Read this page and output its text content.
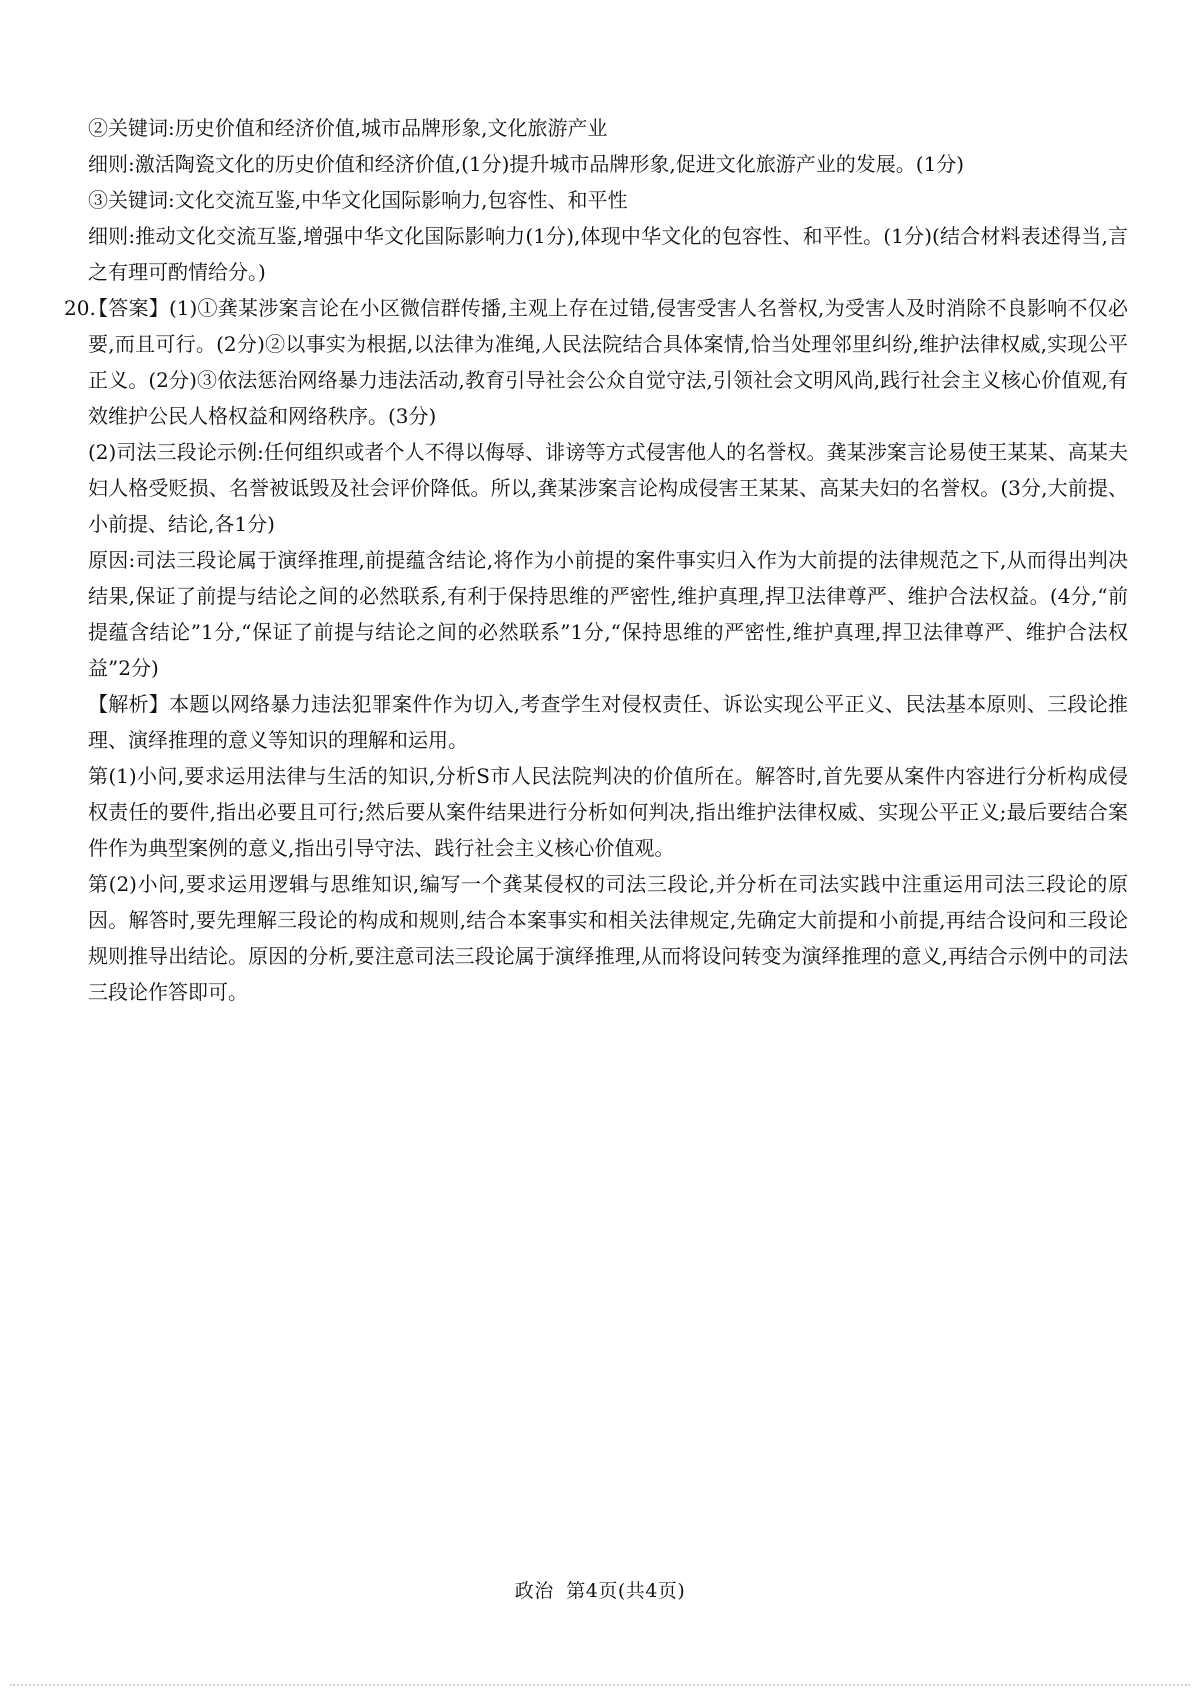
②关键词:历史价值和经济价值,城市品牌形象,文化旅游产业

细则:激活陶瓷文化的历史价值和经济价值,(1分)提升城市品牌形象,促进文化旅游产业的发展。(1分)

③关键词:文化交流互鉴,中华文化国际影响力,包容性、和平性

细则:推动文化交流互鉴,增强中华文化国际影响力(1分),体现中华文化的包容性、和平性。(1分)(结合材料表述得当,言之有理可酌情给分。)

20.

【答案】(1)①龚某涉案言论在小区微信群传播,主观上存在过错,侵害受害人名誉权,为受害人及时消除不良影响不仅必要,而且可行。(2分)②以事实为根据,以法律为准绳,人民法院结合具体案情,恰当处理邻里纠纷,维护法律权威,实现公平正义。(2分)③依法惩治网络暴力违法活动,教育引导社会公众自觉守法,引领社会文明风尚,践行社会主义核心价值观,有效维护公民人格权益和网络秩序。(3分)

(2)司法三段论示例:任何组织或者个人不得以侮辱、诽谤等方式侵害他人的名誉权。龚某涉案言论易使王某某、高某夫妇人格受贬损、名誉被诋毁及社会评价降低。所以,龚某涉案言论构成侵害王某某、高某夫妇的名誉权。(3分,大前提、小前提、结论,各1分)

原因:司法三段论属于演绎推理,前提蕴含结论,将作为小前提的案件事实归入作为大前提的法律规范之下,从而得出判决结果,保证了前提与结论之间的必然联系,有利于保持思维的严密性,维护真理,捍卫法律尊严、维护合法权益。(4分,“前提蕴含结论”1分,“保证了前提与结论之间的必然联系”1分,“保持思维的严密性,维护真理,捍卫法律尊严、维护合法权益”2分)

【解析】本题以网络暴力违法犯罪案件作为切入,考查学生对侵权责任、诉讼实现公平正义、民法基本原则、三段论推理、演绎推理的意义等知识的理解和运用。

第(1)小问,要求运用法律与生活的知识,分析S市人民法院判决的价值所在。解答时,首先要从案件内容进行分析构成侵权责任的要件,指出必要且可行;然后要从案件结果进行分析如何判决,指出维护法律权威、实现公平正义;最后要结合案件作为典型案例的意义,指出引导守法、践行社会主义核心价值观。

第(2)小问,要求运用逻辑与思维知识,编写一个龚某侵权的司法三段论,并分析在司法实践中注重运用司法三段论的原因。解答时,要先理解三段论的构成和规则,结合本案事实和相关法律规定,先确定大前提和小前提,再结合设问和三段论规则推导出结论。原因的分析,要注意司法三段论属于演绎推理,从而将设问转变为演绎推理的意义,再结合示例中的司法三段论作答即可。

政治 第4页(共4页)
